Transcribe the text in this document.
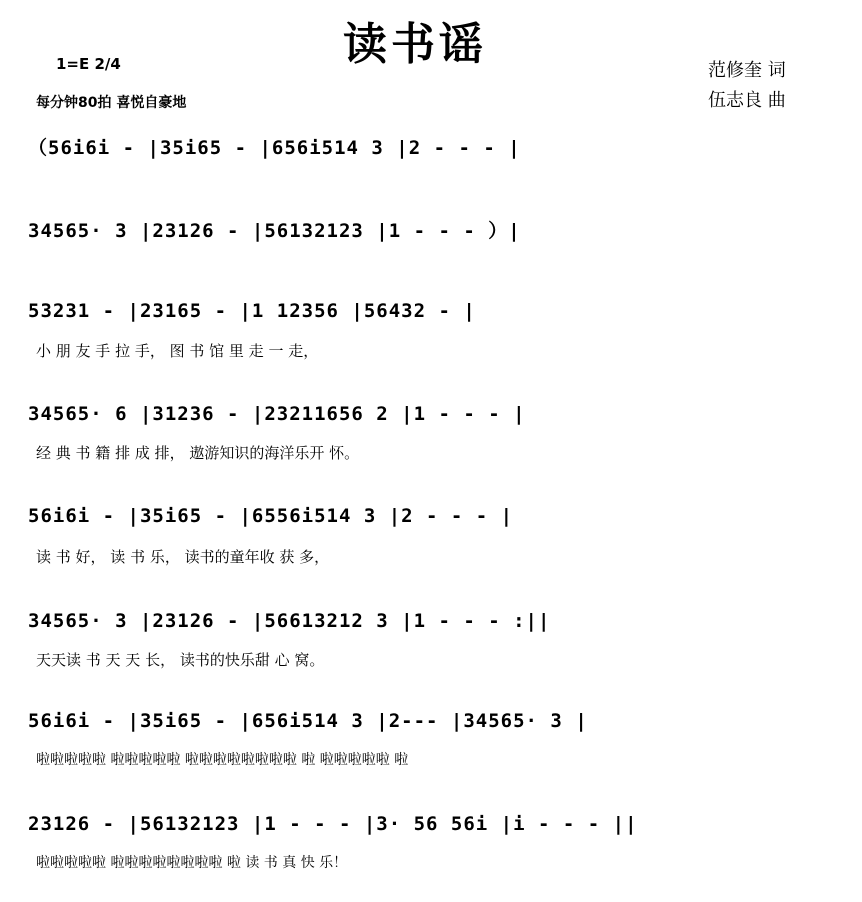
读书谣
1=E 2/4
每分钟80拍 喜悦自豪地
范修奎 词
伍志良 曲
（56i6i - |35i65 - |656i514 3 |2 - - - |
34565· 3 |23126 - |56132123 |1 - - - ）|
53231 - |23165 - |1 12356 |56432 - |
小 朋 友 手 拉 手， 图 书 馆 里 走 一 走，
34565· 6 |31236 - |23211656 2 |1 - - - |
经 典 书 籍 排 成 排， 遨游知识的海洋乐开 怀。
56i6i - |35i65 - |6556i514 3 |2 - - - |
读 书 好， 读 书 乐， 读书的童年收 获 多，
34565· 3 |23126 - |56613212 3 |1 - - - :||
天天读 书 天 天 长， 读书的快乐甜 心 窝。
56i6i - |35i65 - |656i514 3 |2--- |34565· 3 |
啦啦啦啦啦 啦啦啦啦啦 啦啦啦啦啦啦啦啦 啦 啦啦啦啦啦 啦
23126 - |56132123 |1 - - - |3· 56 56i |i - - - ||
啦啦啦啦啦 啦啦啦啦啦啦啦啦 啦 读 书 真 快 乐！
